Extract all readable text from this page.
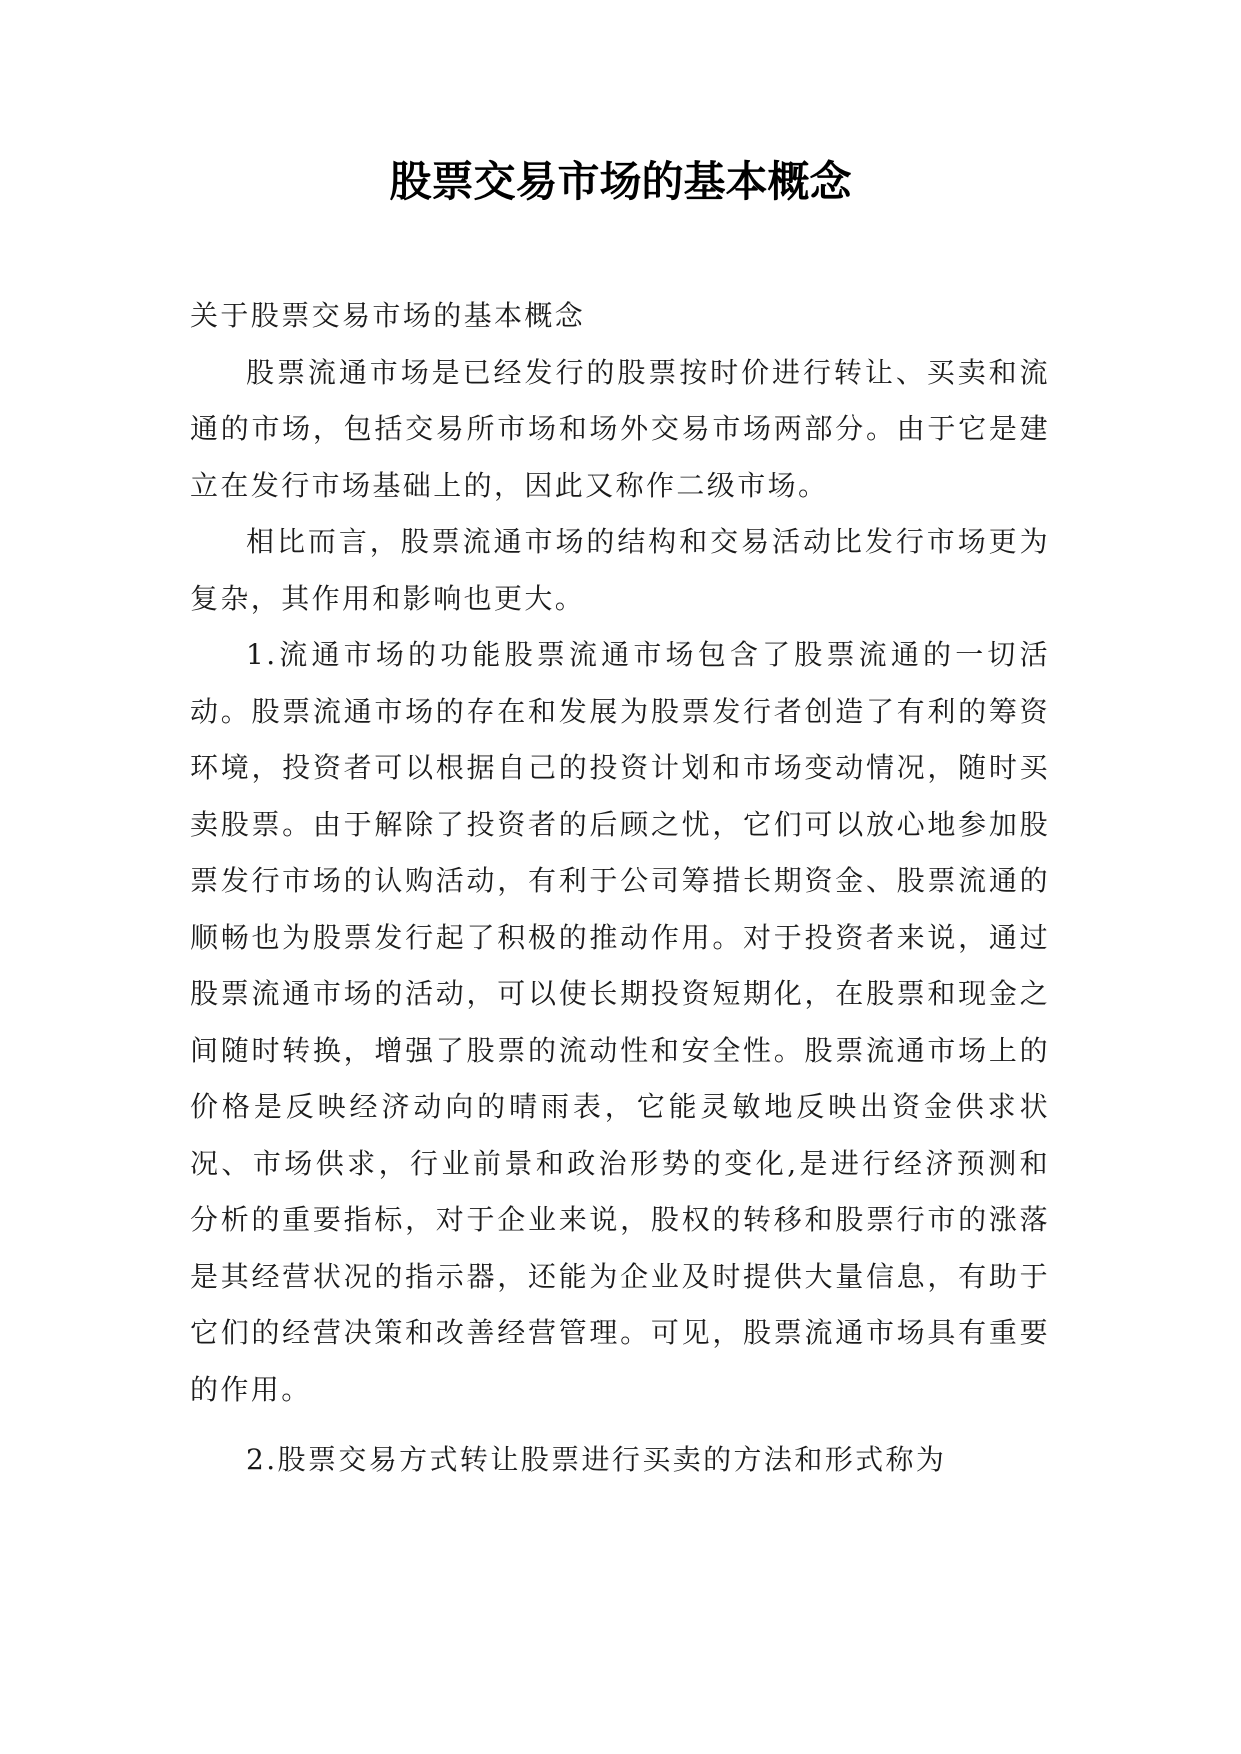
股票交易市场的基本概念

关于股票交易市场的基本概念

股票流通市场是已经发行的股票按时价进行转让、买卖和流通的市场，包括交易所市场和场外交易市场两部分。由于它是建立在发行市场基础上的，因此又称作二级市场。

相比而言，股票流通市场的结构和交易活动比发行市场更为复杂，其作用和影响也更大。

1.流通市场的功能股票流通市场包含了股票流通的一切活动。股票流通市场的存在和发展为股票发行者创造了有利的筹资环境，投资者可以根据自己的投资计划和市场变动情况，随时买卖股票。由于解除了投资者的后顾之忧，它们可以放心地参加股票发行市场的认购活动，有利于公司筹措长期资金、股票流通的顺畅也为股票发行起了积极的推动作用。对于投资者来说，通过股票流通市场的活动，可以使长期投资短期化，在股票和现金之间随时转换，增强了股票的流动性和安全性。股票流通市场上的价格是反映经济动向的晴雨表，它能灵敏地反映出资金供求状况、市场供求，行业前景和政治形势的变化,是进行经济预测和分析的重要指标，对于企业来说，股权的转移和股票行市的涨落是其经营状况的指示器，还能为企业及时提供大量信息，有助于它们的经营决策和改善经营管理。可见，股票流通市场具有重要的作用。

2.股票交易方式转让股票进行买卖的方法和形式称为
